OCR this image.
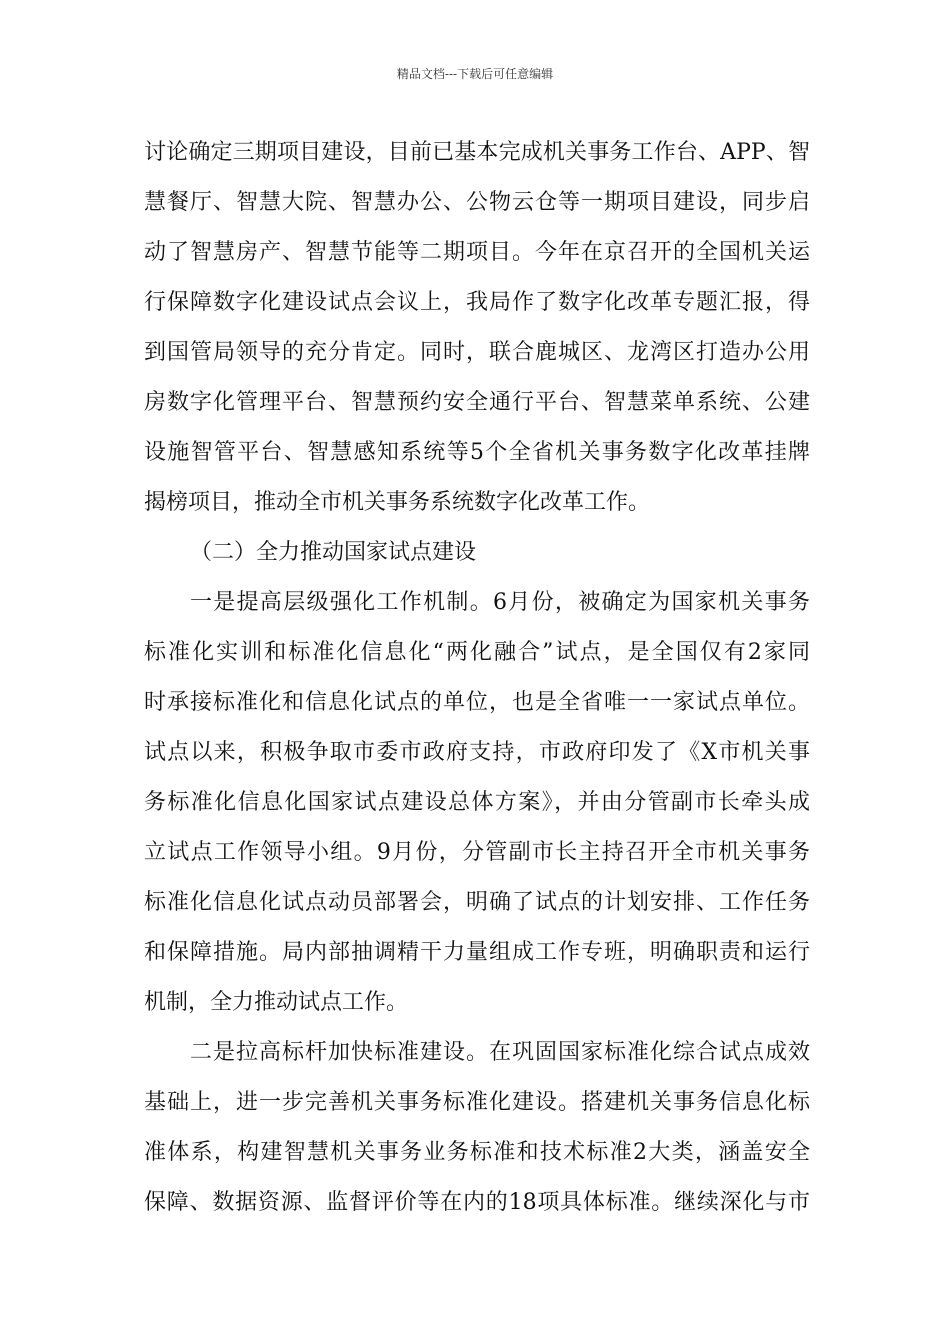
精品文档---下载后可任意编辑
讨论确定三期项目建设，目前已基本完成机关事务工作台、APP、智
慧餐厅、智慧大院、智慧办公、公物云仓等一期项目建设，同步启
动了智慧房产、智慧节能等二期项目。今年在京召开的全国机关运
行保障数字化建设试点会议上，我局作了数字化改革专题汇报，得
到国管局领导的充分肯定。同时，联合鹿城区、龙湾区打造办公用
房数字化管理平台、智慧预约安全通行平台、智慧菜单系统、公建
设施智管平台、智慧感知系统等5个全省机关事务数字化改革挂牌
揭榜项目，推动全市机关事务系统数字化改革工作。
（二）全力推动国家试点建设
一是提高层级强化工作机制。6月份，被确定为国家机关事务
标准化实训和标准化信息化“两化融合”试点，是全国仅有2家同
时承接标准化和信息化试点的单位，也是全省唯一一家试点单位。
试点以来，积极争取市委市政府支持，市政府印发了《X市机关事
务标准化信息化国家试点建设总体方案》，并由分管副市长牵头成
立试点工作领导小组。9月份，分管副市长主持召开全市机关事务
标准化信息化试点动员部署会，明确了试点的计划安排、工作任务
和保障措施。局内部抽调精干力量组成工作专班，明确职责和运行
机制，全力推动试点工作。
二是拉高标杆加快标准建设。在巩固国家标准化综合试点成效
基础上，进一步完善机关事务标准化建设。搭建机关事务信息化标
准体系，构建智慧机关事务业务标准和技术标准2大类，涵盖安全
保障、数据资源、监督评价等在内的18项具体标准。继续深化与市
